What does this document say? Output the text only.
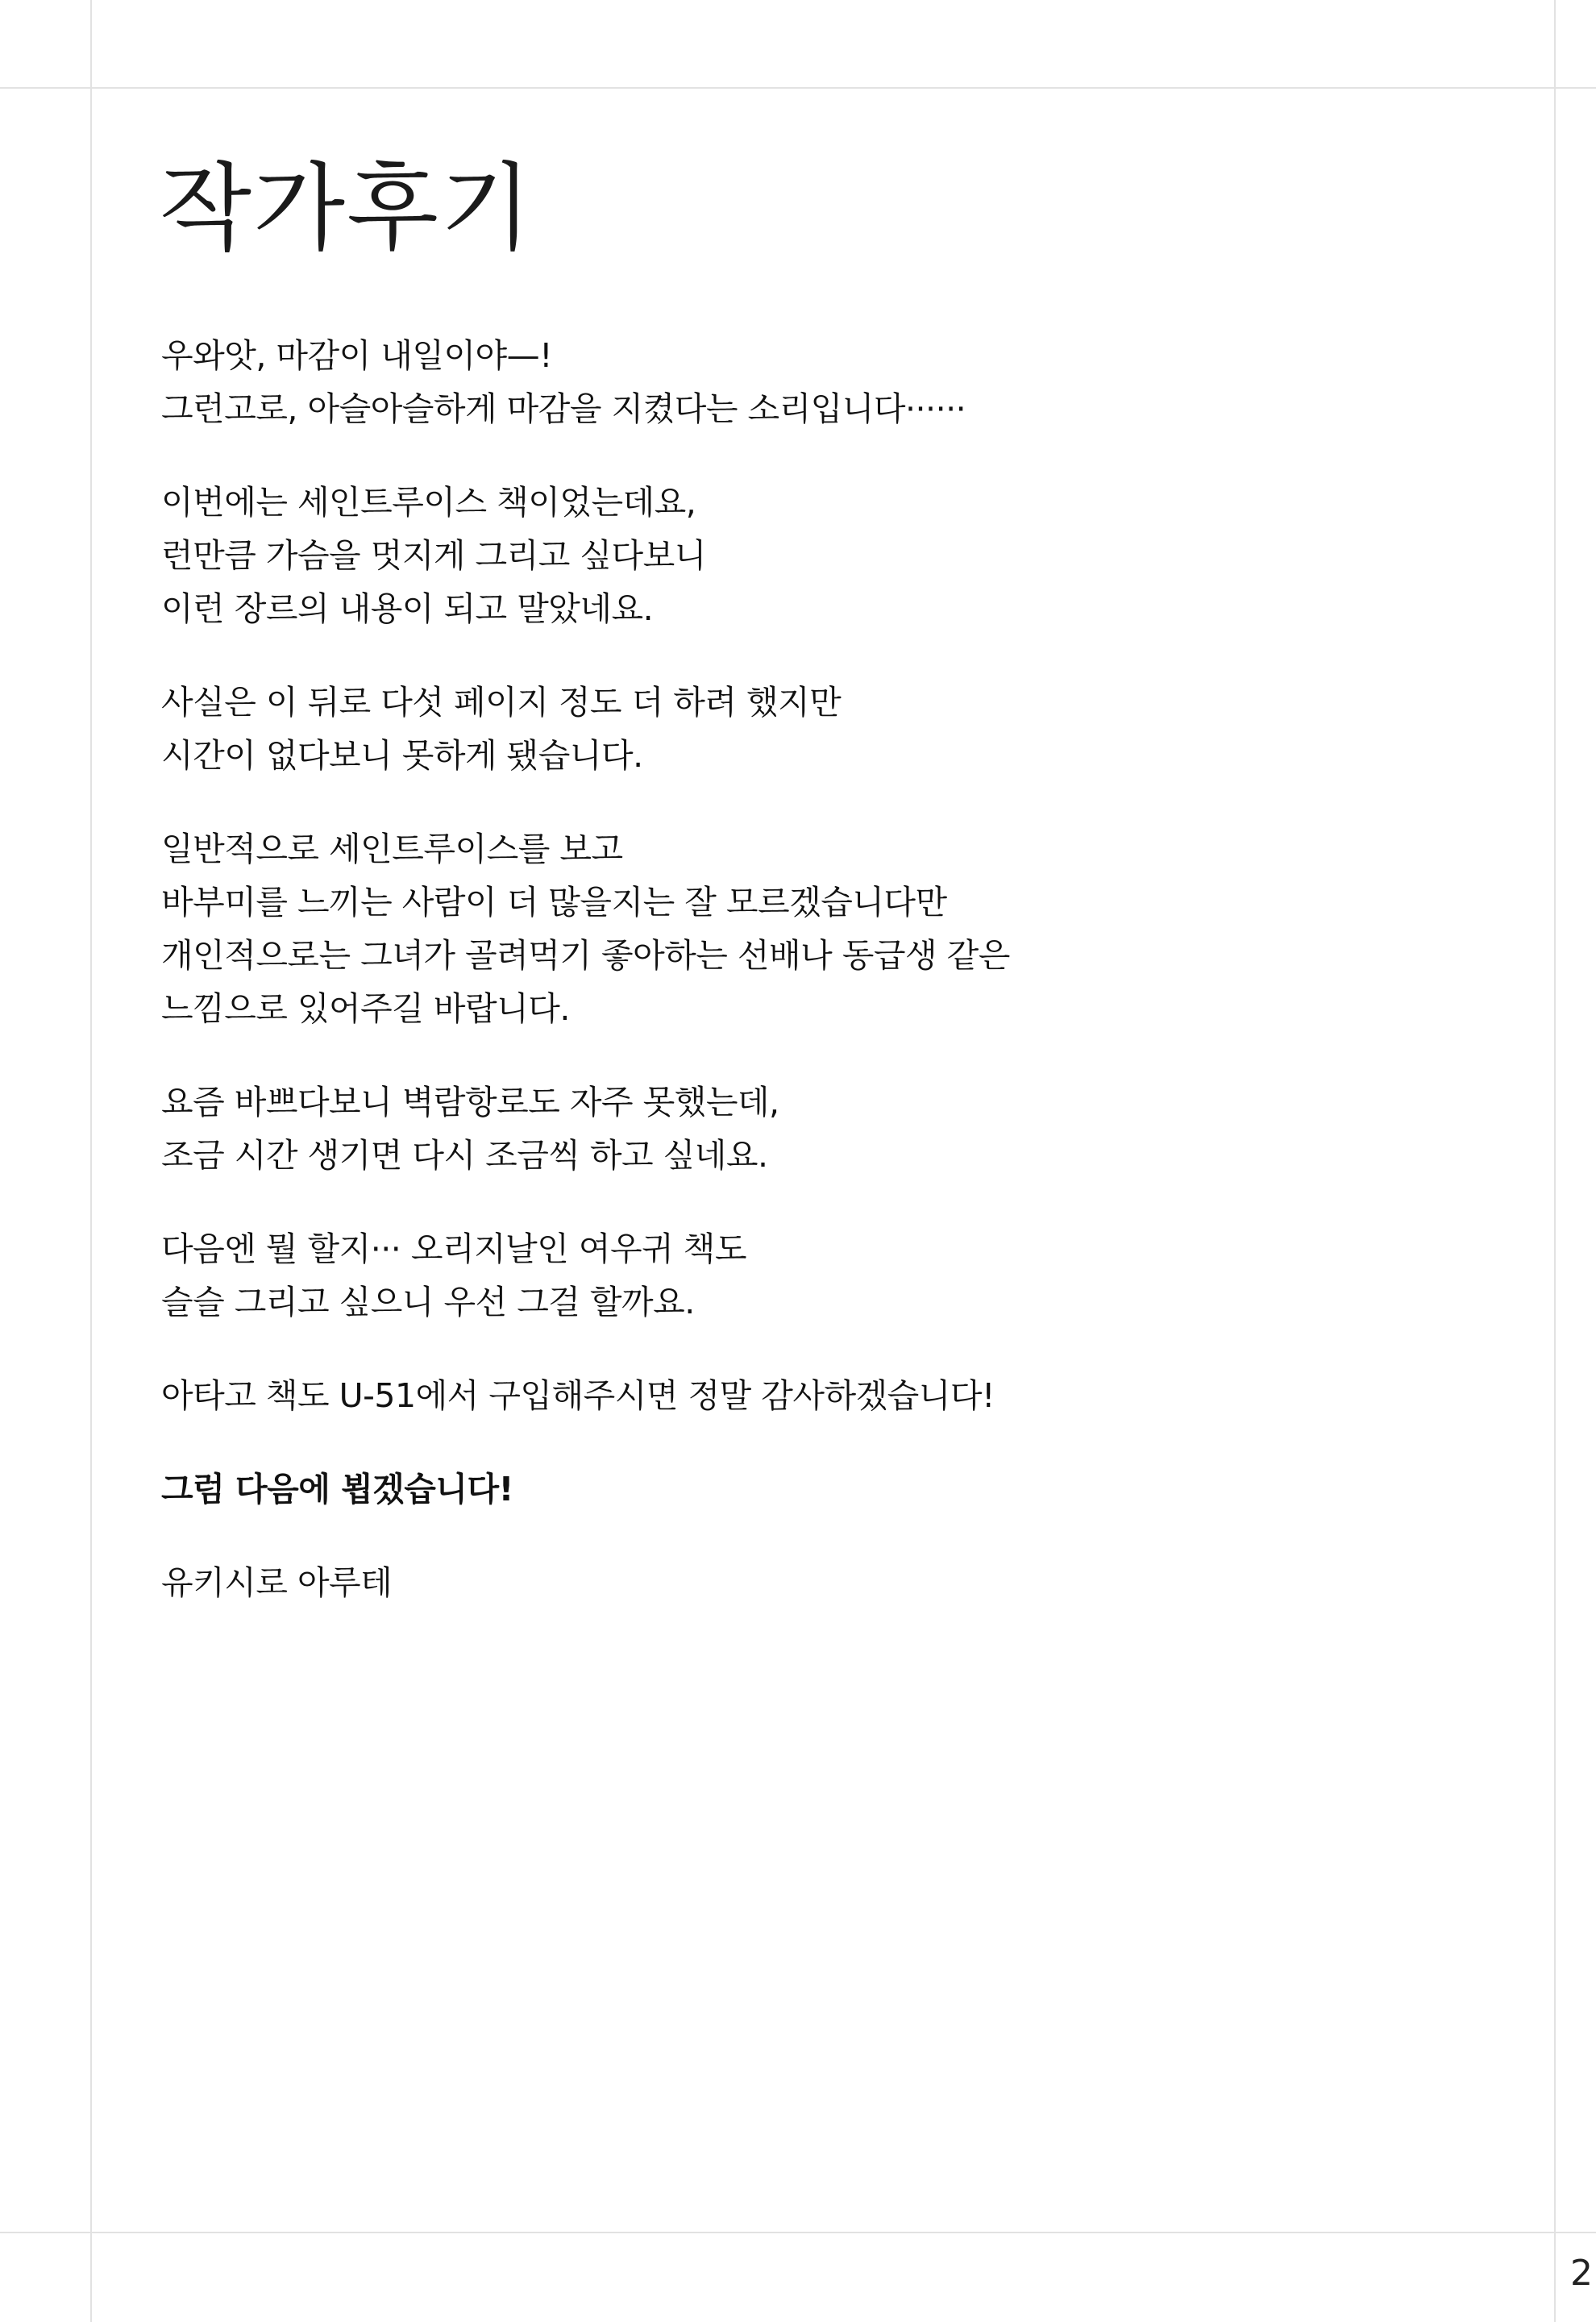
작가후기
우와앗, 마감이 내일이야—!
그런고로, 아슬아슬하게 마감을 지켰다는 소리입니다······
이번에는 세인트루이스 책이었는데요,
런만큼 가슴을 멋지게 그리고 싶다보니
이런 장르의 내용이 되고 말았네요.
사실은 이 뒤로 다섯 페이지 정도 더 하려 했지만
시간이 없다보니 못하게 됐습니다.
일반적으로 세인트루이스를 보고
바부미를 느끼는 사람이 더 많을지는 잘 모르겠습니다만
개인적으로는 그녀가 골려먹기 좋아하는 선배나 동급생 같은
느낌으로 있어주길 바랍니다.
요즘 바쁘다보니 벽람항로도 자주 못했는데,
조금 시간 생기면 다시 조금씩 하고 싶네요.
다음엔 뭘 할지··· 오리지날인 여우귀 책도
슬슬 그리고 싶으니 우선 그걸 할까요.
아타고 책도 U-51에서 구입해주시면 정말 감사하겠습니다!
그럼 다음에 뵙겠습니다!
유키시로 아루테
2
